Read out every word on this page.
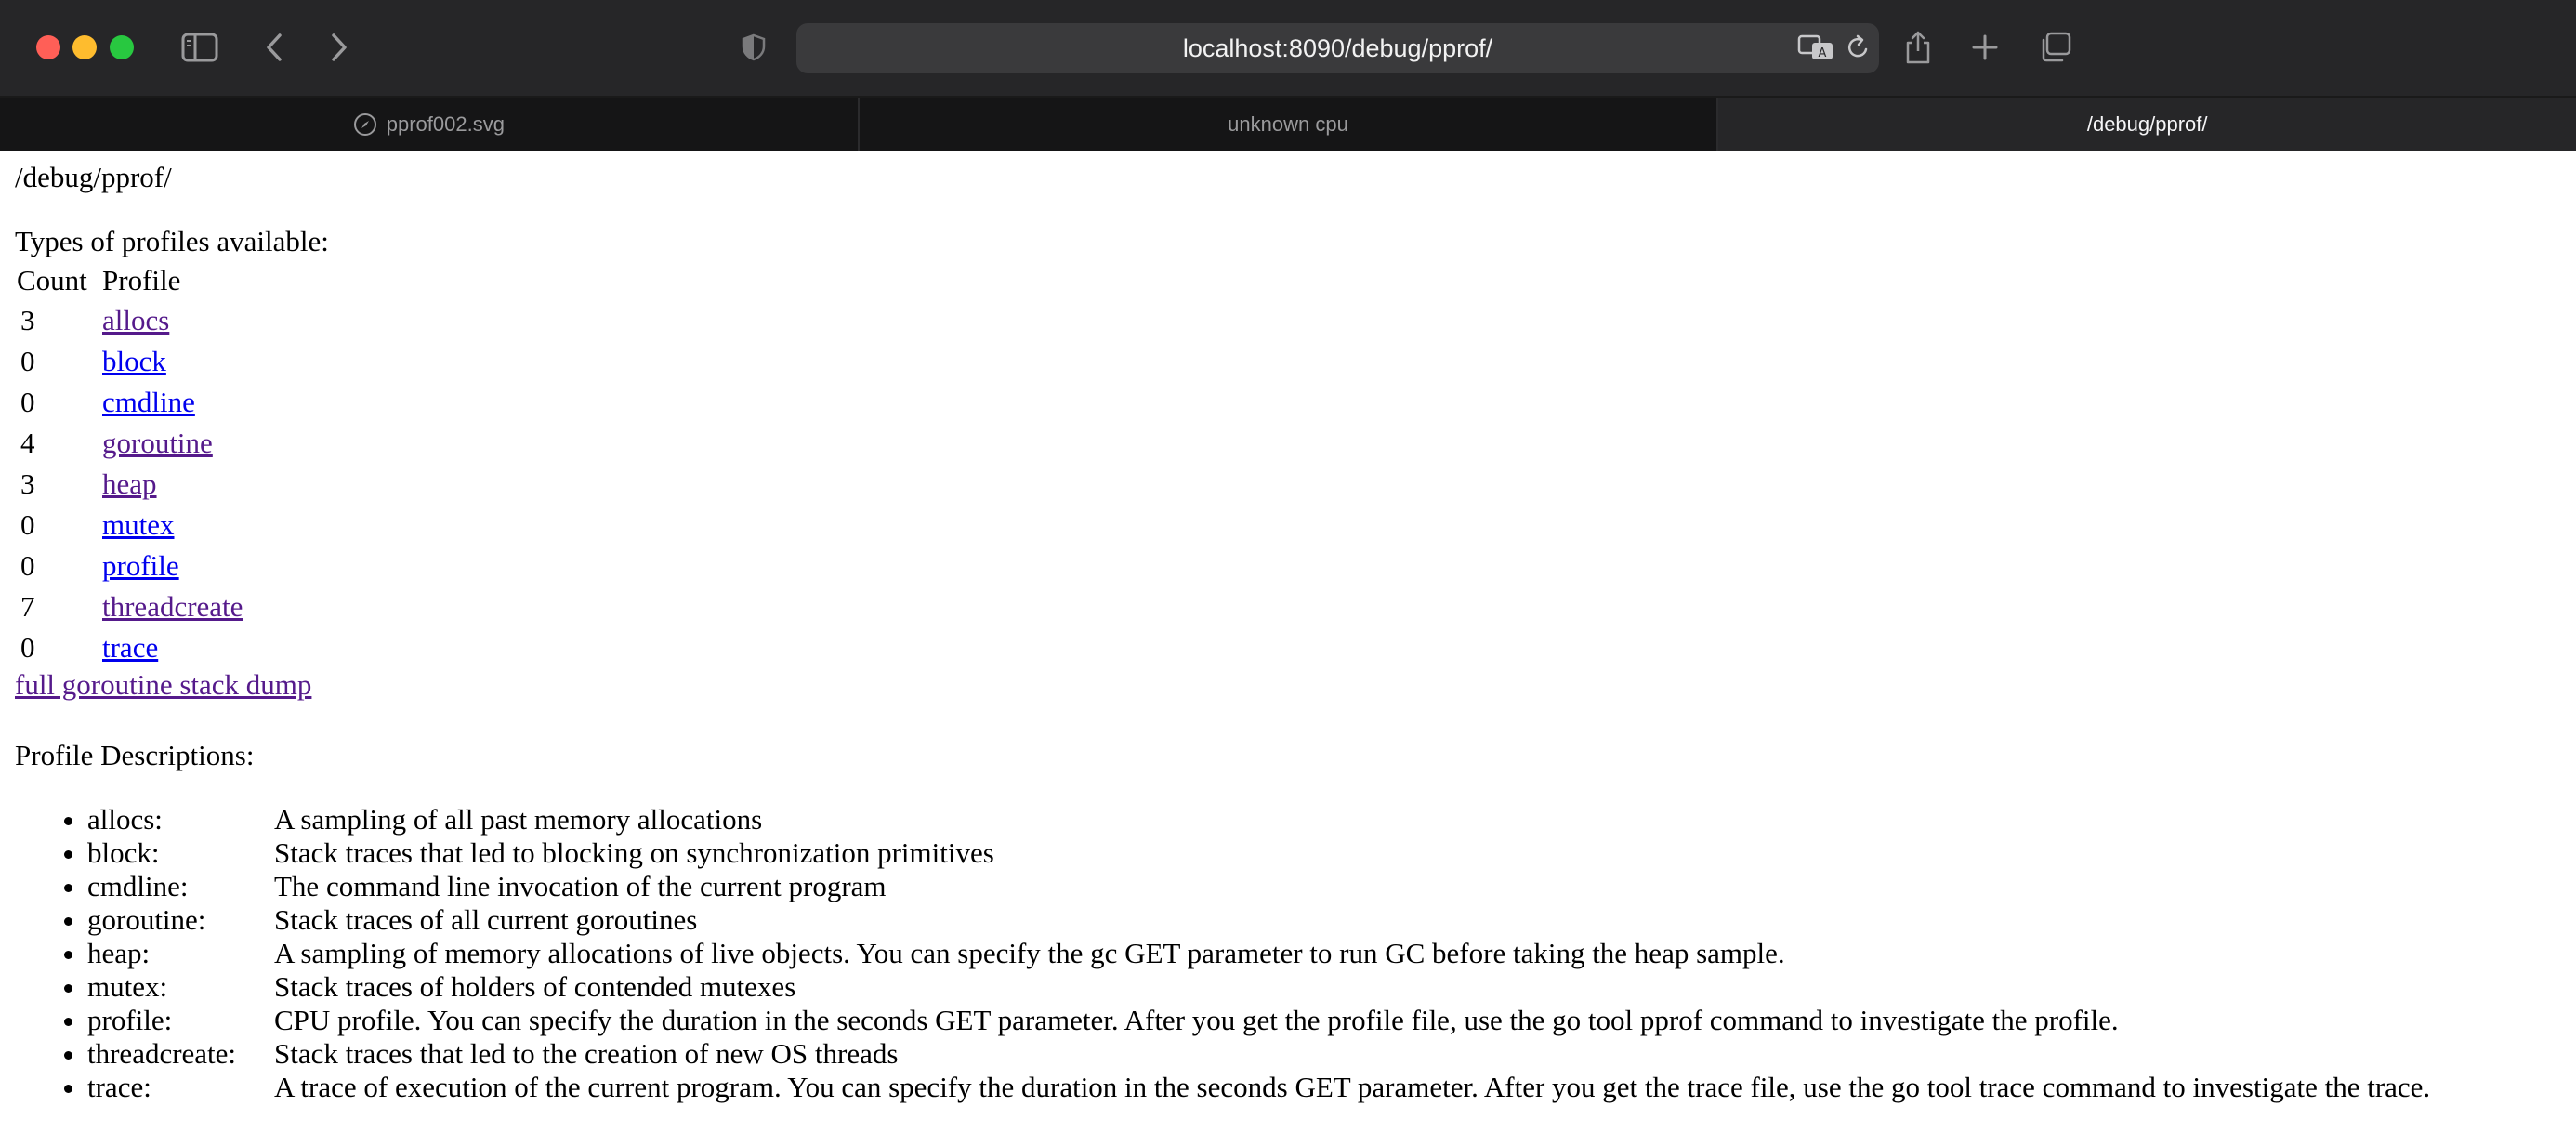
localhost:8090/debug/pprof/	A
pprof002.svg	unknown cpu	/debug/pprof/

/debug/pprof/

Types of profiles available:

Count	Profile
3	allocs
0	block
0	cmdline
4	goroutine
3	heap
0	mutex
0	profile
7	threadcreate
0	trace
full goroutine stack dump

Profile Descriptions:

• allocs:	A sampling of all past memory allocations
• block:	Stack traces that led to blocking on synchronization primitives
• cmdline:	The command line invocation of the current program
• goroutine: Stack traces of all current goroutines
• heap:	A sampling of memory allocations of live objects. You can specify the gc GET parameter to run GC before taking the heap sample.
• mutex:	Stack traces of holders of contended mutexes
• profile:	CPU profile. You can specify the duration in the seconds GET parameter. After you get the profile file, use the go tool pprof command to investigate the profile.
• threadcreate: Stack traces that led to the creation of new OS threads
• trace:	A trace of execution of the current program. You can specify the duration in the seconds GET parameter. After you get the trace file, use the go tool trace command to investigate the trace.
